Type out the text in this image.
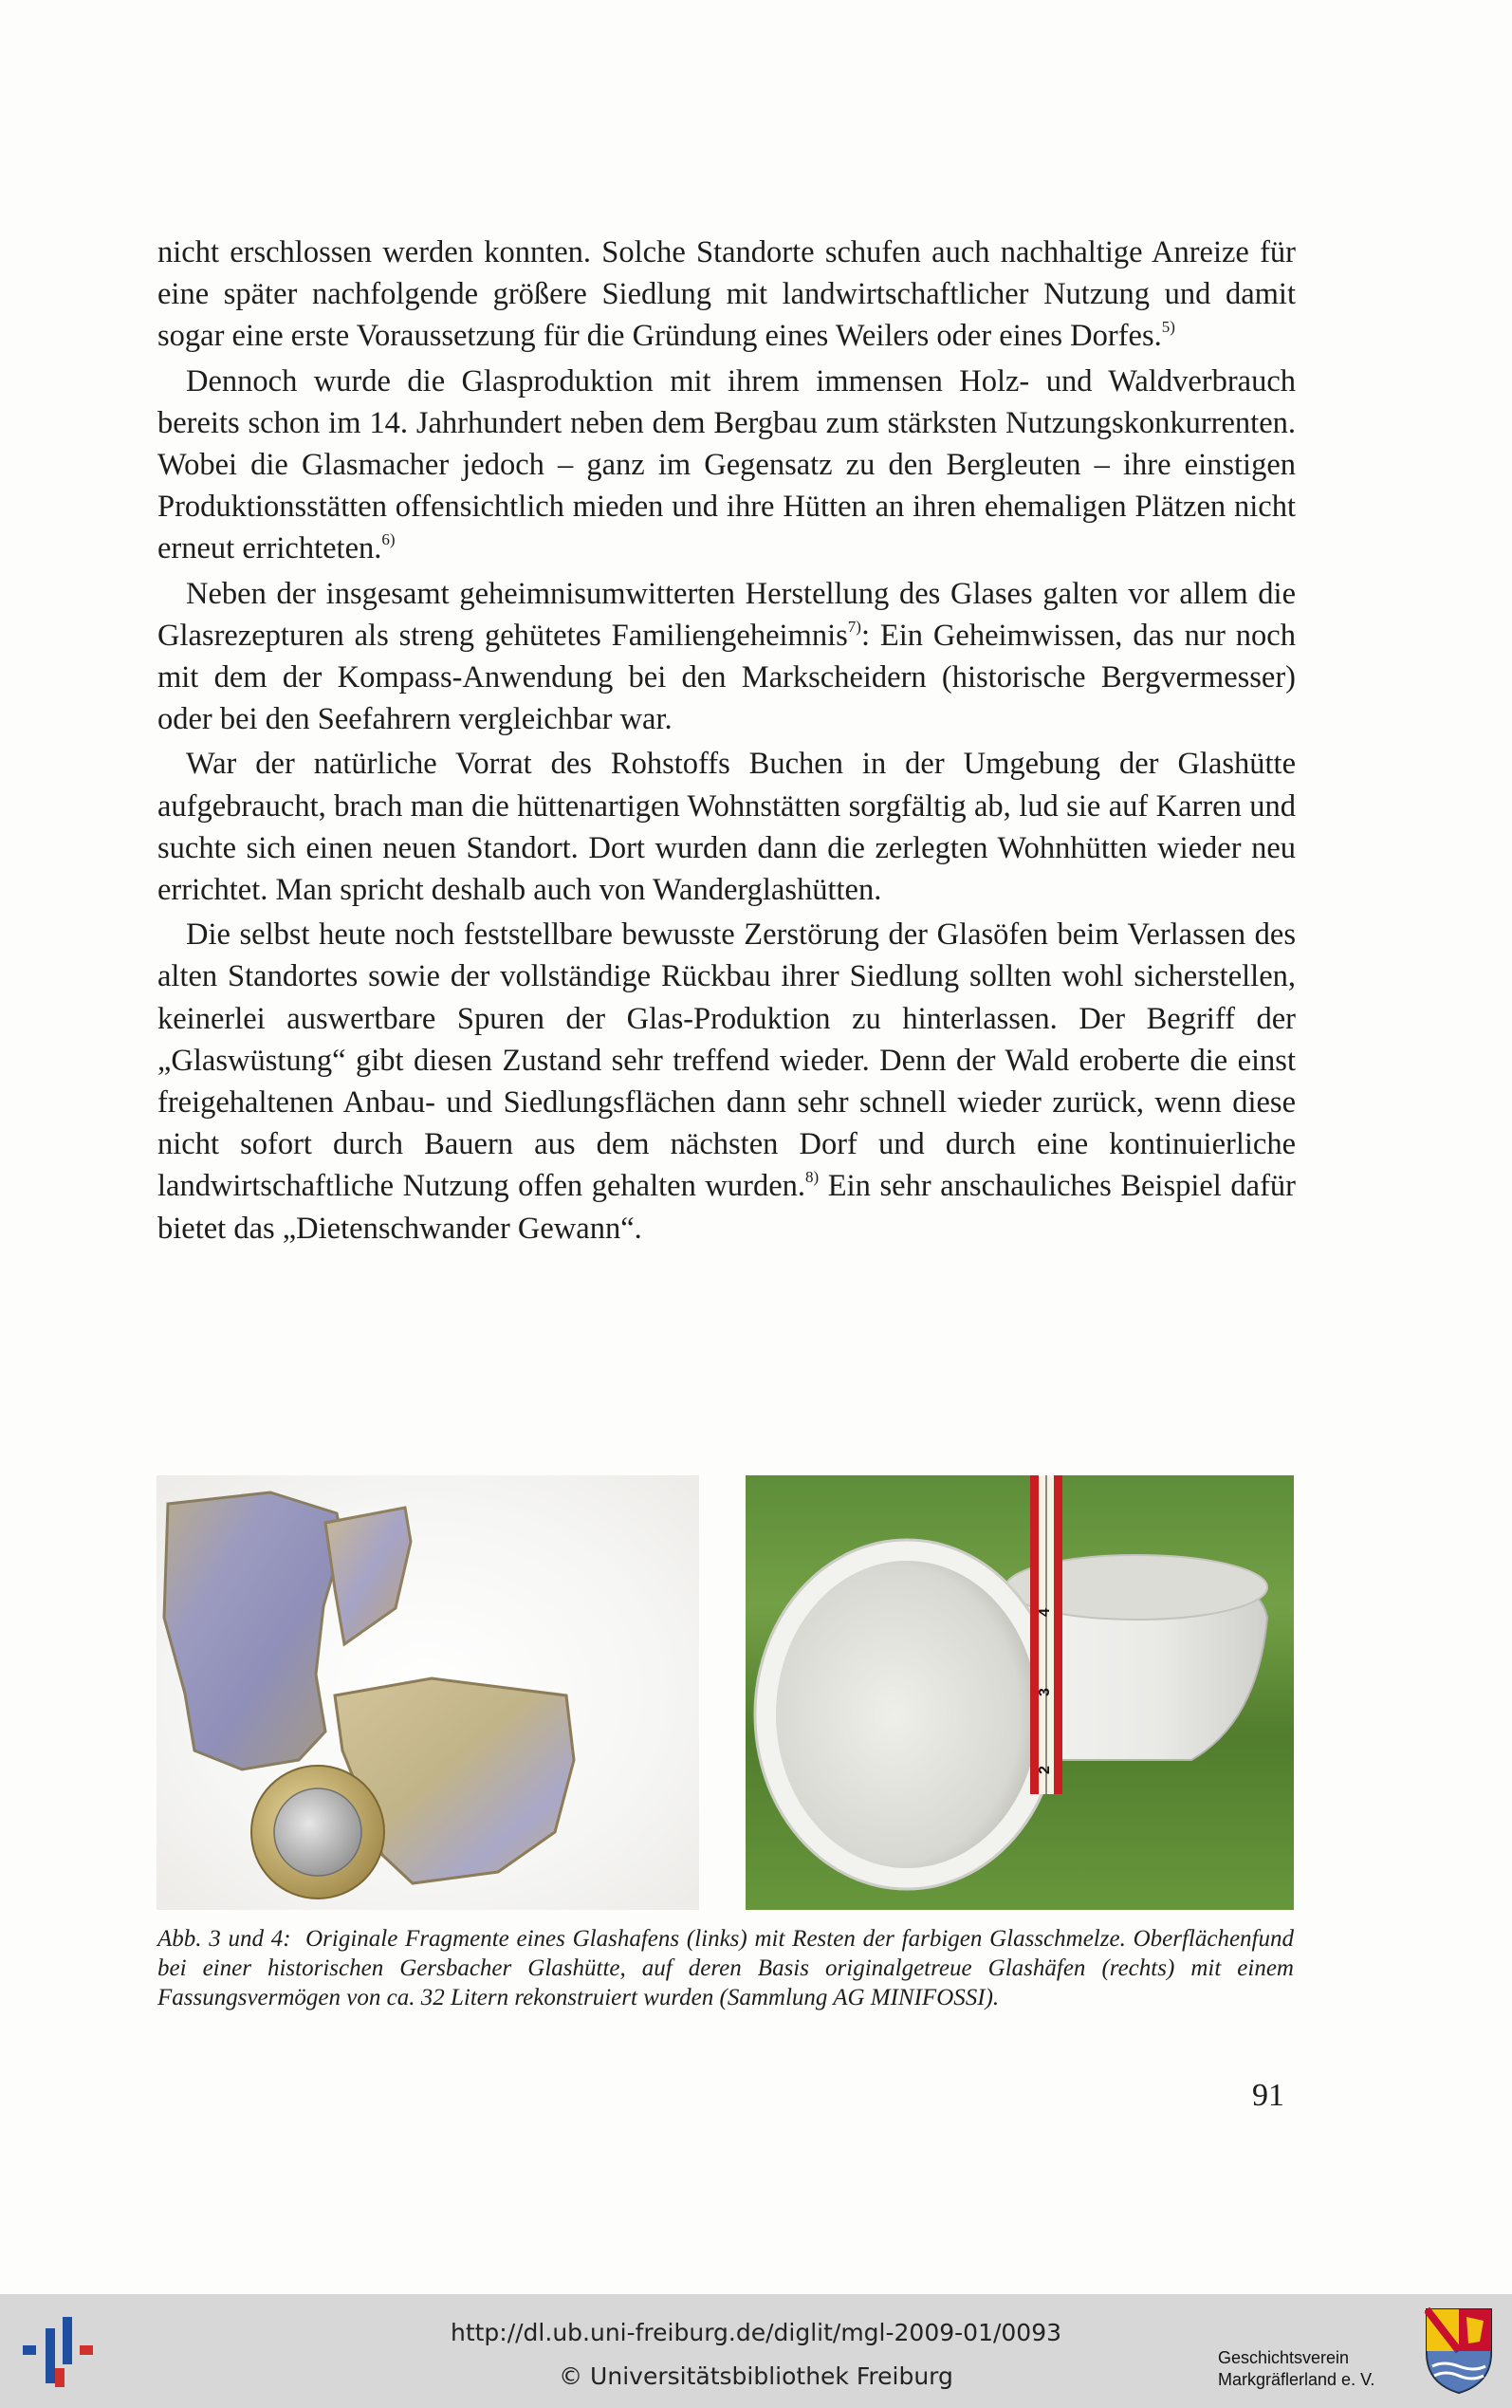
nicht erschlossen werden konnten. Solche Standorte schufen auch nachhaltige Anreize für eine später nachfolgende größere Siedlung mit landwirtschaftlicher Nutzung und damit sogar eine erste Voraussetzung für die Gründung eines Weilers oder eines Dorfes.$^{5)}$

Dennoch wurde die Glasproduktion mit ihrem immensen Holz- und Waldverbrauch bereits schon im 14. Jahrhundert neben dem Bergbau zum stärksten Nutzungskonkurrenten. Wobei die Glasmacher jedoch – ganz im Gegensatz zu den Bergleuten – ihre einstigen Produktionsstätten offensichtlich mieden und ihre Hütten an ihren ehemaligen Plätzen nicht erneut errichteten.$^{6)}$

Neben der insgesamt geheimnisumwitterten Herstellung des Glases galten vor allem die Glasrezepturen als streng gehütetes Familiengeheimnis$^{7)}$: Ein Geheimwissen, das nur noch mit dem der Kompass-Anwendung bei den Markscheidern (historische Bergvermesser) oder bei den Seefahrern vergleichbar war.

War der natürliche Vorrat des Rohstoffs Buchen in der Umgebung der Glashütte aufgebraucht, brach man die hüttenartigen Wohnstätten sorgfältig ab, lud sie auf Karren und suchte sich einen neuen Standort. Dort wurden dann die zerlegten Wohnhütten wieder neu errichtet. Man spricht deshalb auch von Wanderglashütten.

Die selbst heute noch feststellbare bewusste Zerstörung der Glasöfen beim Verlassen des alten Standortes sowie der vollständige Rückbau ihrer Siedlung sollten wohl sicherstellen, keinerlei auswertbare Spuren der Glas-Produktion zu hinterlassen. Der Begriff der „Glaswüstung“ gibt diesen Zustand sehr treffend wieder. Denn der Wald eroberte die einst freigehaltenen Anbau- und Siedlungsflächen dann sehr schnell wieder zurück, wenn diese nicht sofort durch Bauern aus dem nächsten Dorf und durch eine kontinuierliche landwirtschaftliche Nutzung offen gehalten wurden.$^{8)}$ Ein sehr anschauliches Beispiel dafür bietet das „Dietenschwander Gewann“.

4
3
2
Abb. 3 und 4: Originale Fragmente eines Glashafens (links) mit Resten der farbigen Glasschmelze. Oberflächenfund bei einer historischen Gersbacher Glashütte, auf deren Basis originalgetreue Glashäfen (rechts) mit einem Fassungsvermögen von ca. 32 Litern rekonstruiert wurden (Sammlung AG MINIFOSSI).
91
http://dl.ub.uni-freiburg.de/diglit/mgl-2009-01/0093
© Universitätsbibliothek Freiburg
Geschichtsverein
Markgräflerland e. V.
